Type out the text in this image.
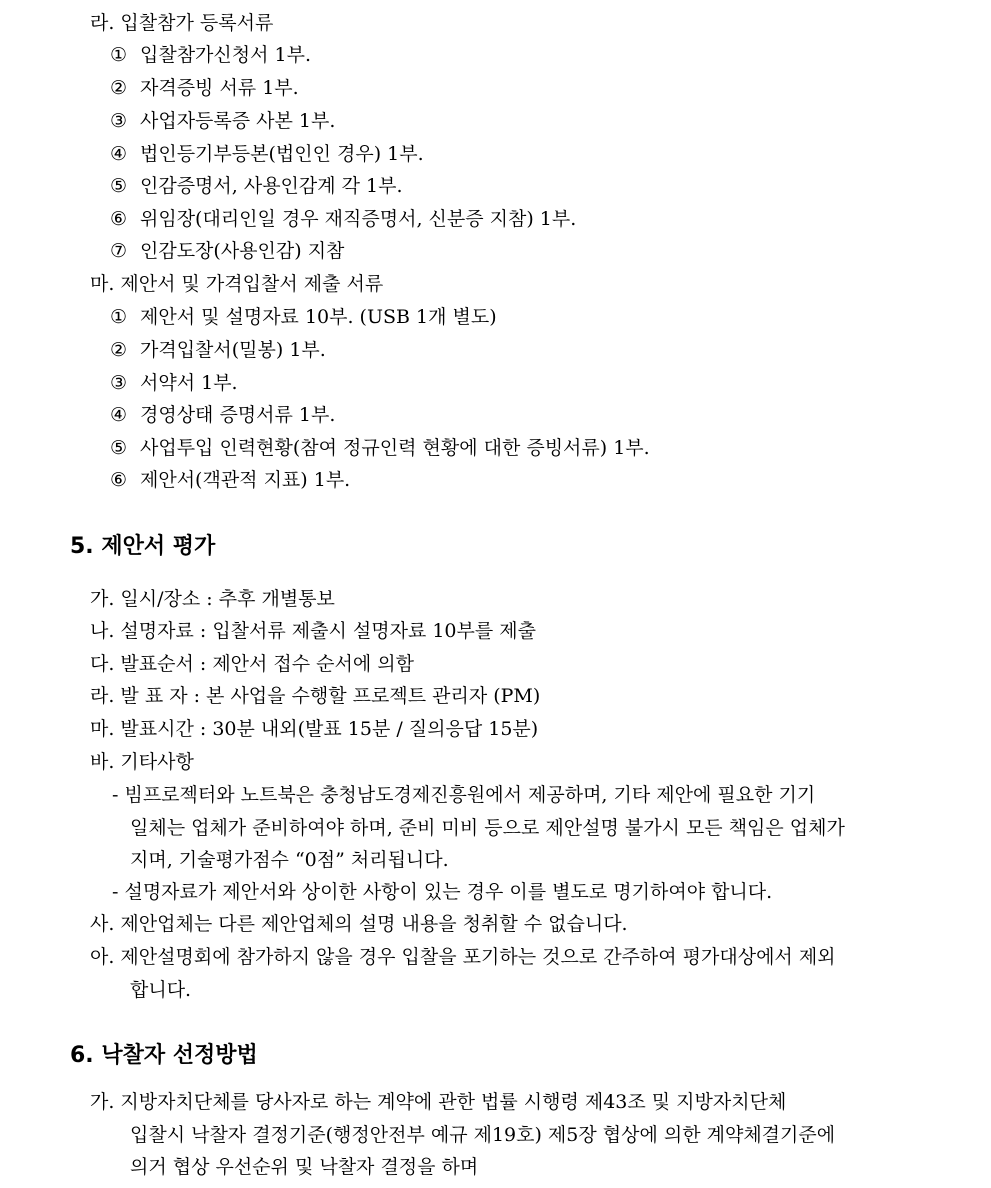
라. 입찰참가 등록서류
① 입찰참가신청서 1부.
② 자격증빙 서류 1부.
③ 사업자등록증 사본 1부.
④ 법인등기부등본(법인인 경우) 1부.
⑤ 인감증명서, 사용인감계 각 1부.
⑥ 위임장(대리인일 경우 재직증명서, 신분증 지참) 1부.
⑦ 인감도장(사용인감) 지참
마. 제안서 및 가격입찰서 제출 서류
① 제안서 및 설명자료 10부. (USB 1개 별도)
② 가격입찰서(밀봉) 1부.
③ 서약서 1부.
④ 경영상태 증명서류 1부.
⑤ 사업투입 인력현황(참여 정규인력 현황에 대한 증빙서류) 1부.
⑥ 제안서(객관적 지표) 1부.
5. 제안서 평가
가. 일시/장소 : 추후 개별통보
나. 설명자료 : 입찰서류 제출시 설명자료 10부를 제출
다. 발표순서 : 제안서 접수 순서에 의함
라. 발 표 자 : 본 사업을 수행할 프로젝트 관리자 (PM)
마. 발표시간 : 30분 내외(발표 15분 / 질의응답 15분)
바. 기타사항
- 빔프로젝터와 노트북은 충청남도경제진흥원에서 제공하며, 기타 제안에 필요한 기기
일체는 업체가 준비하여야 하며, 준비 미비 등으로 제안설명 불가시 모든 책임은 업체가
지며, 기술평가점수 “0점” 처리됩니다.
- 설명자료가 제안서와 상이한 사항이 있는 경우 이를 별도로 명기하여야 합니다.
사. 제안업체는 다른 제안업체의 설명 내용을 청취할 수 없습니다.
아. 제안설명회에 참가하지 않을 경우 입찰을 포기하는 것으로 간주하여 평가대상에서 제외
합니다.
6. 낙찰자 선정방법
가. 지방자치단체를 당사자로 하는 계약에 관한 법률 시행령 제43조 및 지방자치단체
입찰시 낙찰자 결정기준(행정안전부 예규 제19호) 제5장 협상에 의한 계약체결기준에
의거 협상 우선순위 및 낙찰자 결정을 하며
